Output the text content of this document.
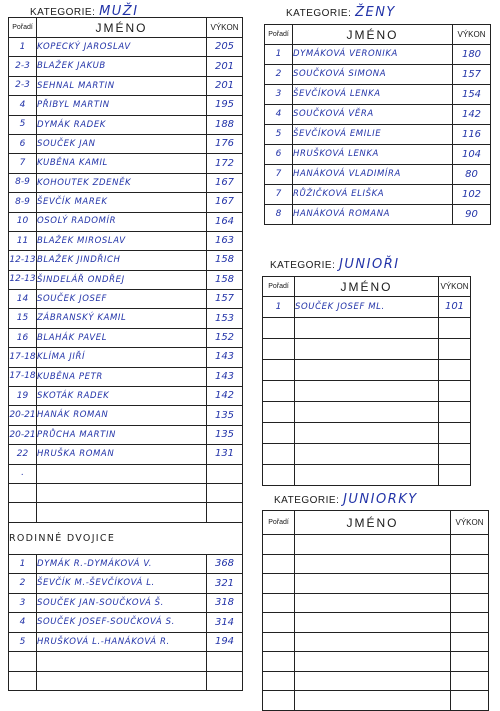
KATEGORIE: MUŽI
Pořadí	JMÉNO	VÝKON
1	KOPECKÝ JAROSLAV	205
2-3	BLAŽEK JAKUB	201
2-3	SEHNAL MARTIN	201
4	PŘIBYL MARTIN	195
5	DYMÁK RADEK	188
6	SOUČEK JAN	176
7	KUBĚNA KAMIL	172
8-9	KOHOUTEK ZDENĚK	167
8-9	ŠEVČÍK MAREK	167
10	OSOLÝ RADOMÍR	164
11	BLAŽEK MIROSLAV	163
12-13	BLAŽEK JINDŘICH	158
12-13	ŠINDELÁŘ ONDŘEJ	158
14	SOUČEK JOSEF	157
15	ZÁBRANSKÝ KAMIL	153
16	BLAHÁK PAVEL	152
17-18	KLÍMA JIŘÍ	143
17-18	KUBĚNA PETR	143
19	SKOTÁK RADEK	142
20-21	HANÁK ROMAN	135
20-21	PRŮCHA MARTIN	135
22	HRUŠKA ROMAN	131
.		

RODINNÉ DVOJICE		
1	DYMÁK R.-DYMÁKOVÁ V.	368
2	ŠEVČÍK M.-ŠEVČÍKOVÁ L.	321
3	SOUČEK JAN-SOUČKOVÁ Š.	318
4	SOUČEK JOSEF-SOUČKOVÁ S.	314
5	HRUŠKOVÁ L.-HANÁKOVÁ R.	194

KATEGORIE: ŽENY
Pořadí	JMÉNO	VÝKON
1	DYMÁKOVÁ VERONIKA	180
2	SOUČKOVÁ SIMONA	157
3	ŠEVČÍKOVÁ LENKA	154
4	SOUČKOVÁ VĚRA	142
5	ŠEVČÍKOVÁ EMILIE	116
6	HRUŠKOVÁ LENKA	104
7	HANÁKOVÁ VLADIMÍRA	80
7	RŮŽIČKOVÁ ELIŠKA	102
8	HANÁKOVÁ ROMANA	90
KATEGORIE: JUNIOŘI
Pořadí	JMÉNO	VÝKON
1	SOUČEK JOSEF ML.	101

KATEGORIE: JUNIORKY
Pořadí	JMÉNO	VÝKON
